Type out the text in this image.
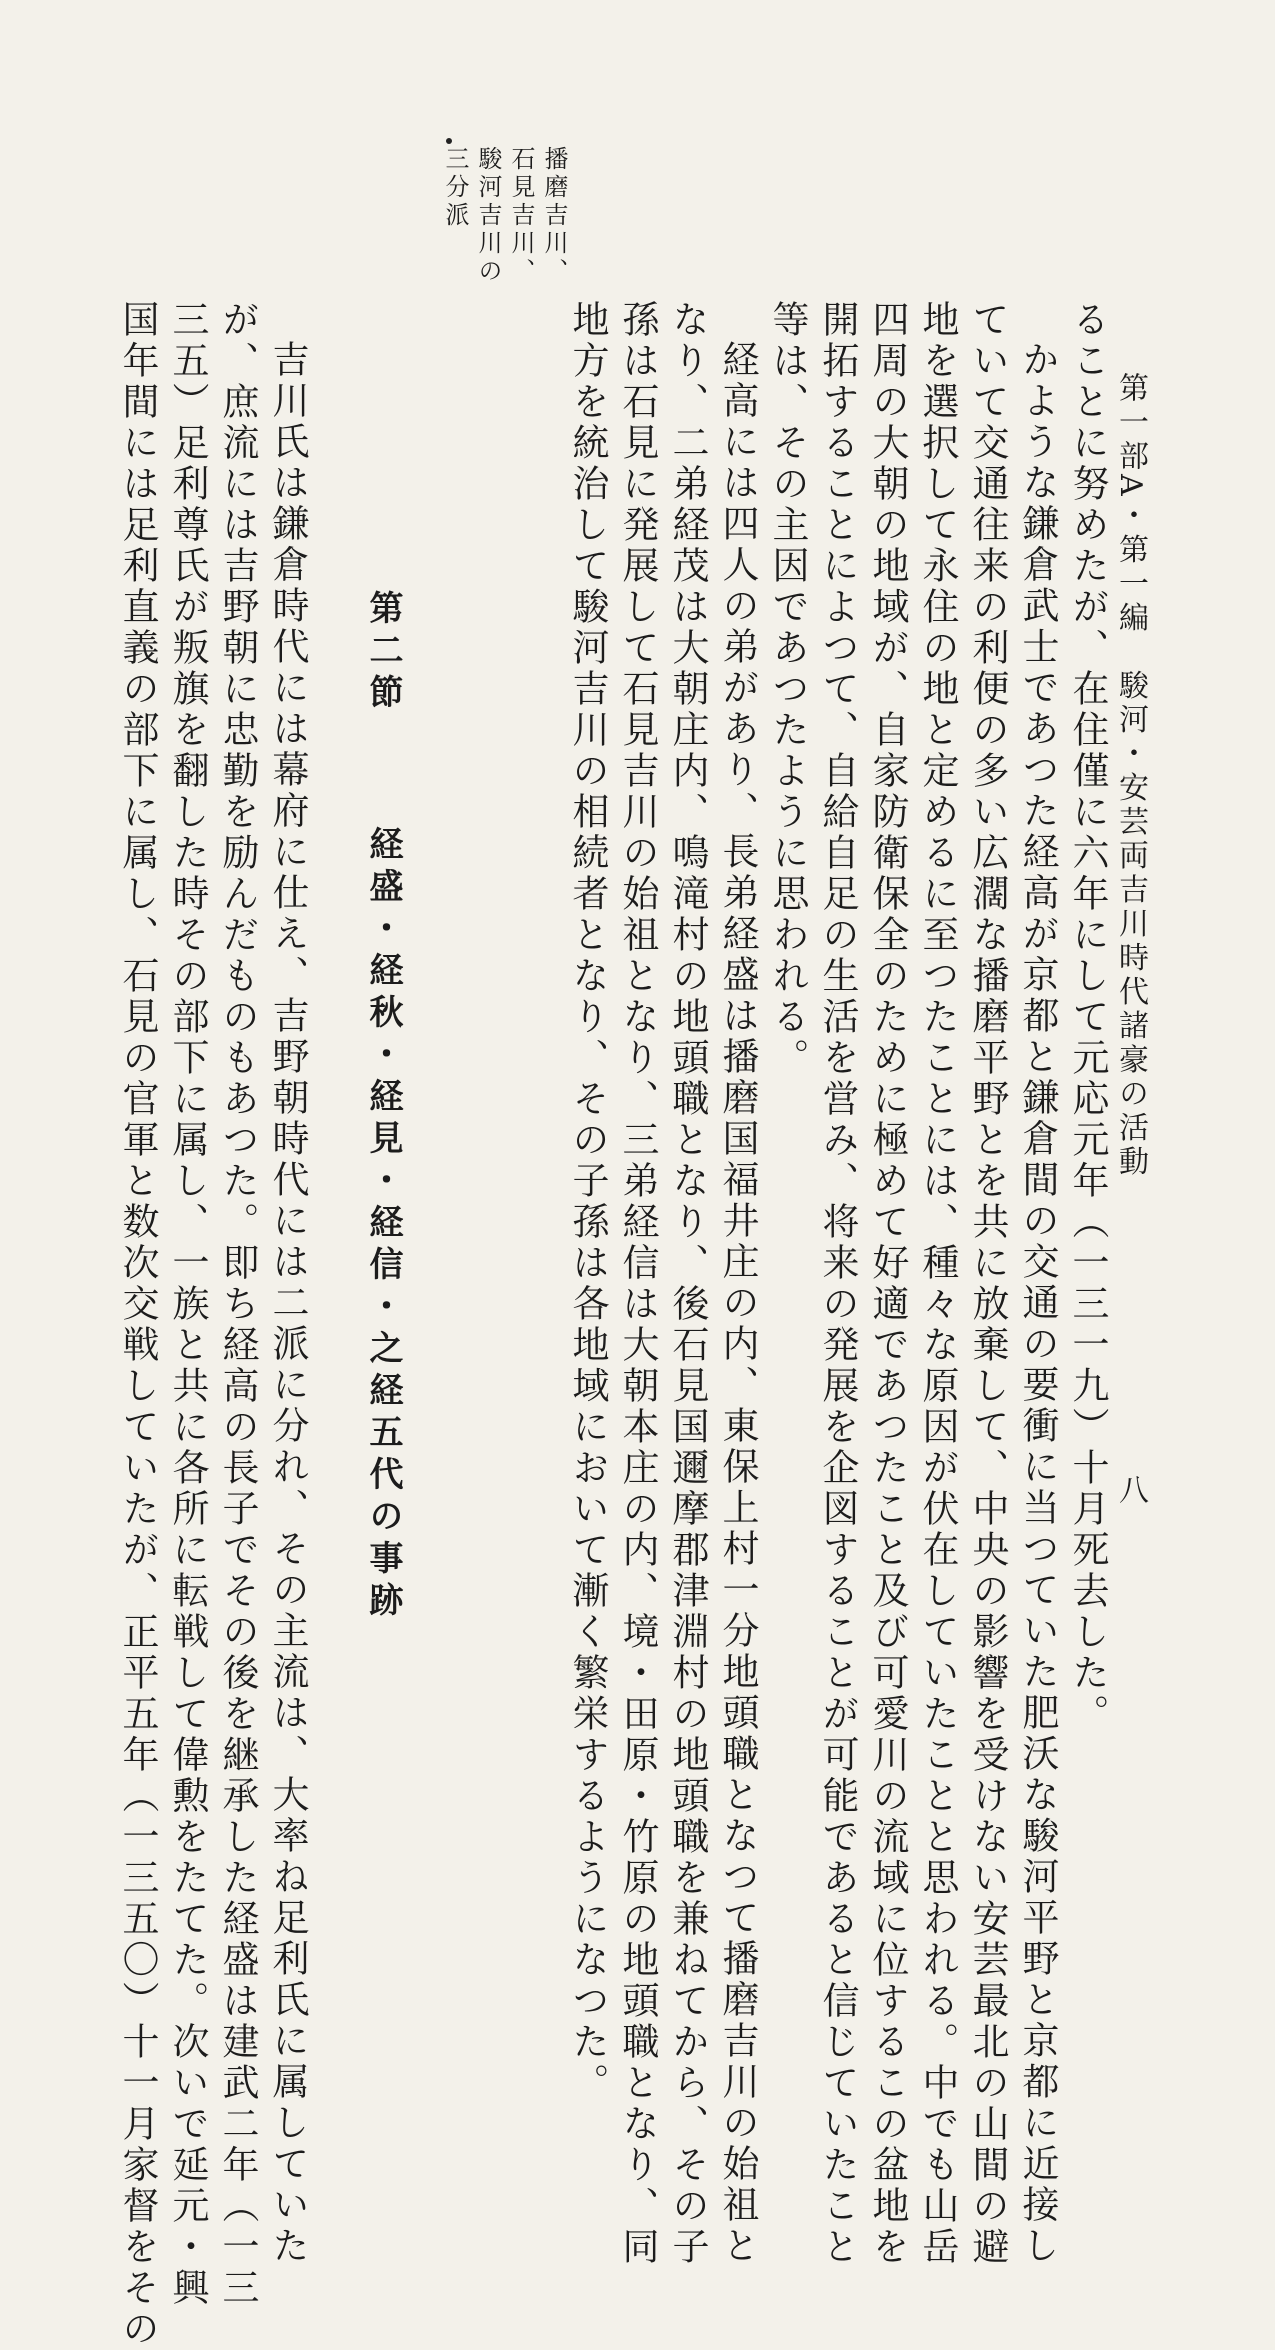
第一部A・第一編　駿河・安芸両吉川時代諸豪の活動
八
ることに努めたが、在住僅に六年にして元応元年（一三一九）十月死去した。
かような鎌倉武士であつた経高が京都と鎌倉間の交通の要衝に当つていた肥沃な駿河平野と京都に近接し
ていて交通往来の利便の多い広濶な播磨平野とを共に放棄して、中央の影響を受けない安芸最北の山間の避
地を選択して永住の地と定めるに至つたことには、種々な原因が伏在していたことと思われる。中でも山岳
四周の大朝の地域が、自家防衛保全のために極めて好適であつたこと及び可愛川の流域に位するこの盆地を
開拓することによつて、自給自足の生活を営み、将来の発展を企図することが可能であると信じていたこと
等は、その主因であつたように思われる。
経高には四人の弟があり、長弟経盛は播磨国福井庄の内、東保上村一分地頭職となつて播磨吉川の始祖と
なり、二弟経茂は大朝庄内、鳴滝村の地頭職となり、後石見国邇摩郡津淵村の地頭職を兼ねてから、その子
孫は石見に発展して石見吉川の始祖となり、三弟経信は大朝本庄の内、境・田原・竹原の地頭職となり、同
地方を統治して駿河吉川の相続者となり、その子孫は各地域において漸く繁栄するようになつた。
播磨吉川、
石見吉川、
駿河吉川の
三分派
第二節経盛・経秋・経見・経信・之経五代の事跡
吉川氏は鎌倉時代には幕府に仕え、吉野朝時代には二派に分れ、その主流は、大率ね足利氏に属していた
が、庶流には吉野朝に忠勤を励んだものもあつた。即ち経高の長子でその後を継承した経盛は建武二年（一三
三五）足利尊氏が叛旗を翻した時その部下に属し、一族と共に各所に転戦して偉勲をたてた。次いで延元・興
国年間には足利直義の部下に属し、石見の官軍と数次交戦していたが、正平五年（一三五〇）十一月家督をその
